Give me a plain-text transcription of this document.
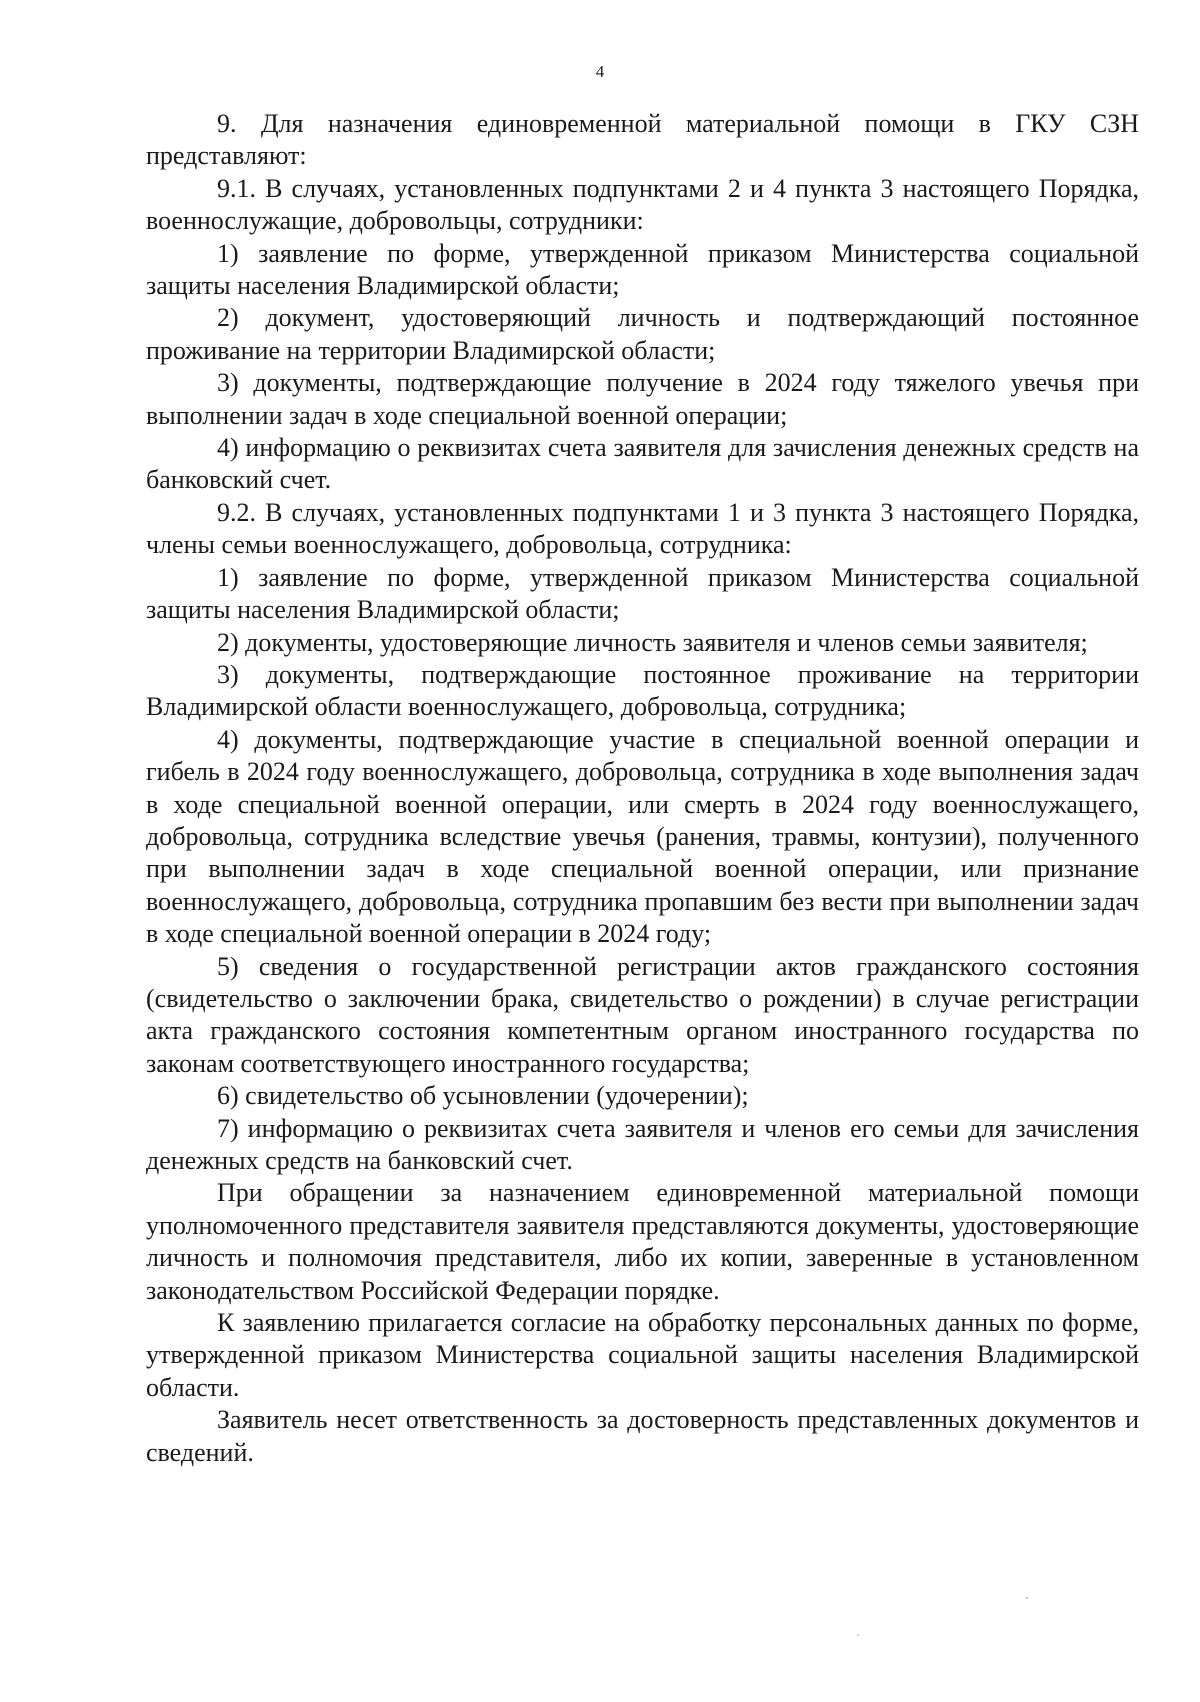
4

9. Для назначения единовременной материальной помощи в ГКУ СЗН представляют:

9.1. В случаях, установленных подпунктами 2 и 4 пункта 3 настоящего Порядка, военнослужащие, добровольцы, сотрудники:

1) заявление по форме, утвержденной приказом Министерства социальной защиты населения Владимирской области;

2) документ, удостоверяющий личность и подтверждающий постоянное проживание на территории Владимирской области;

3) документы, подтверждающие получение в 2024 году тяжелого увечья при выполнении задач в ходе специальной военной операции;

4) информацию о реквизитах счета заявителя для зачисления денежных средств на банковский счет.

9.2. В случаях, установленных подпунктами 1 и 3 пункта 3 настоящего Порядка, члены семьи военнослужащего, добровольца, сотрудника:

1) заявление по форме, утвержденной приказом Министерства социальной защиты населения Владимирской области;

2) документы, удостоверяющие личность заявителя и членов семьи заявителя;

3) документы, подтверждающие постоянное проживание на территории Владимирской области военнослужащего, добровольца, сотрудника;

4) документы, подтверждающие участие в специальной военной операции и гибель в 2024 году военнослужащего, добровольца, сотрудника в ходе выполнения задач в ходе специальной военной операции, или смерть в 2024 году военнослужащего, добровольца, сотрудника вследствие увечья (ранения, травмы, контузии), полученного при выполнении задач в ходе специальной военной операции, или признание военнослужащего, добровольца, сотрудника пропавшим без вести при выполнении задач в ходе специальной военной операции в 2024 году;

5) сведения о государственной регистрации актов гражданского состояния (свидетельство о заключении брака, свидетельство о рождении) в случае регистрации акта гражданского состояния компетентным органом иностранного государства по законам соответствующего иностранного государства;

6) свидетельство об усыновлении (удочерении);

7) информацию о реквизитах счета заявителя и членов его семьи для зачисления денежных средств на банковский счет.

При обращении за назначением единовременной материальной помощи уполномоченного представителя заявителя представляются документы, удостоверяющие личность и полномочия представителя, либо их копии, заверенные в установленном законодательством Российской Федерации порядке.

К заявлению прилагается согласие на обработку персональных данных по форме, утвержденной приказом Министерства социальной защиты населения Владимирской области.

Заявитель несет ответственность за достоверность представленных документов и сведений.
